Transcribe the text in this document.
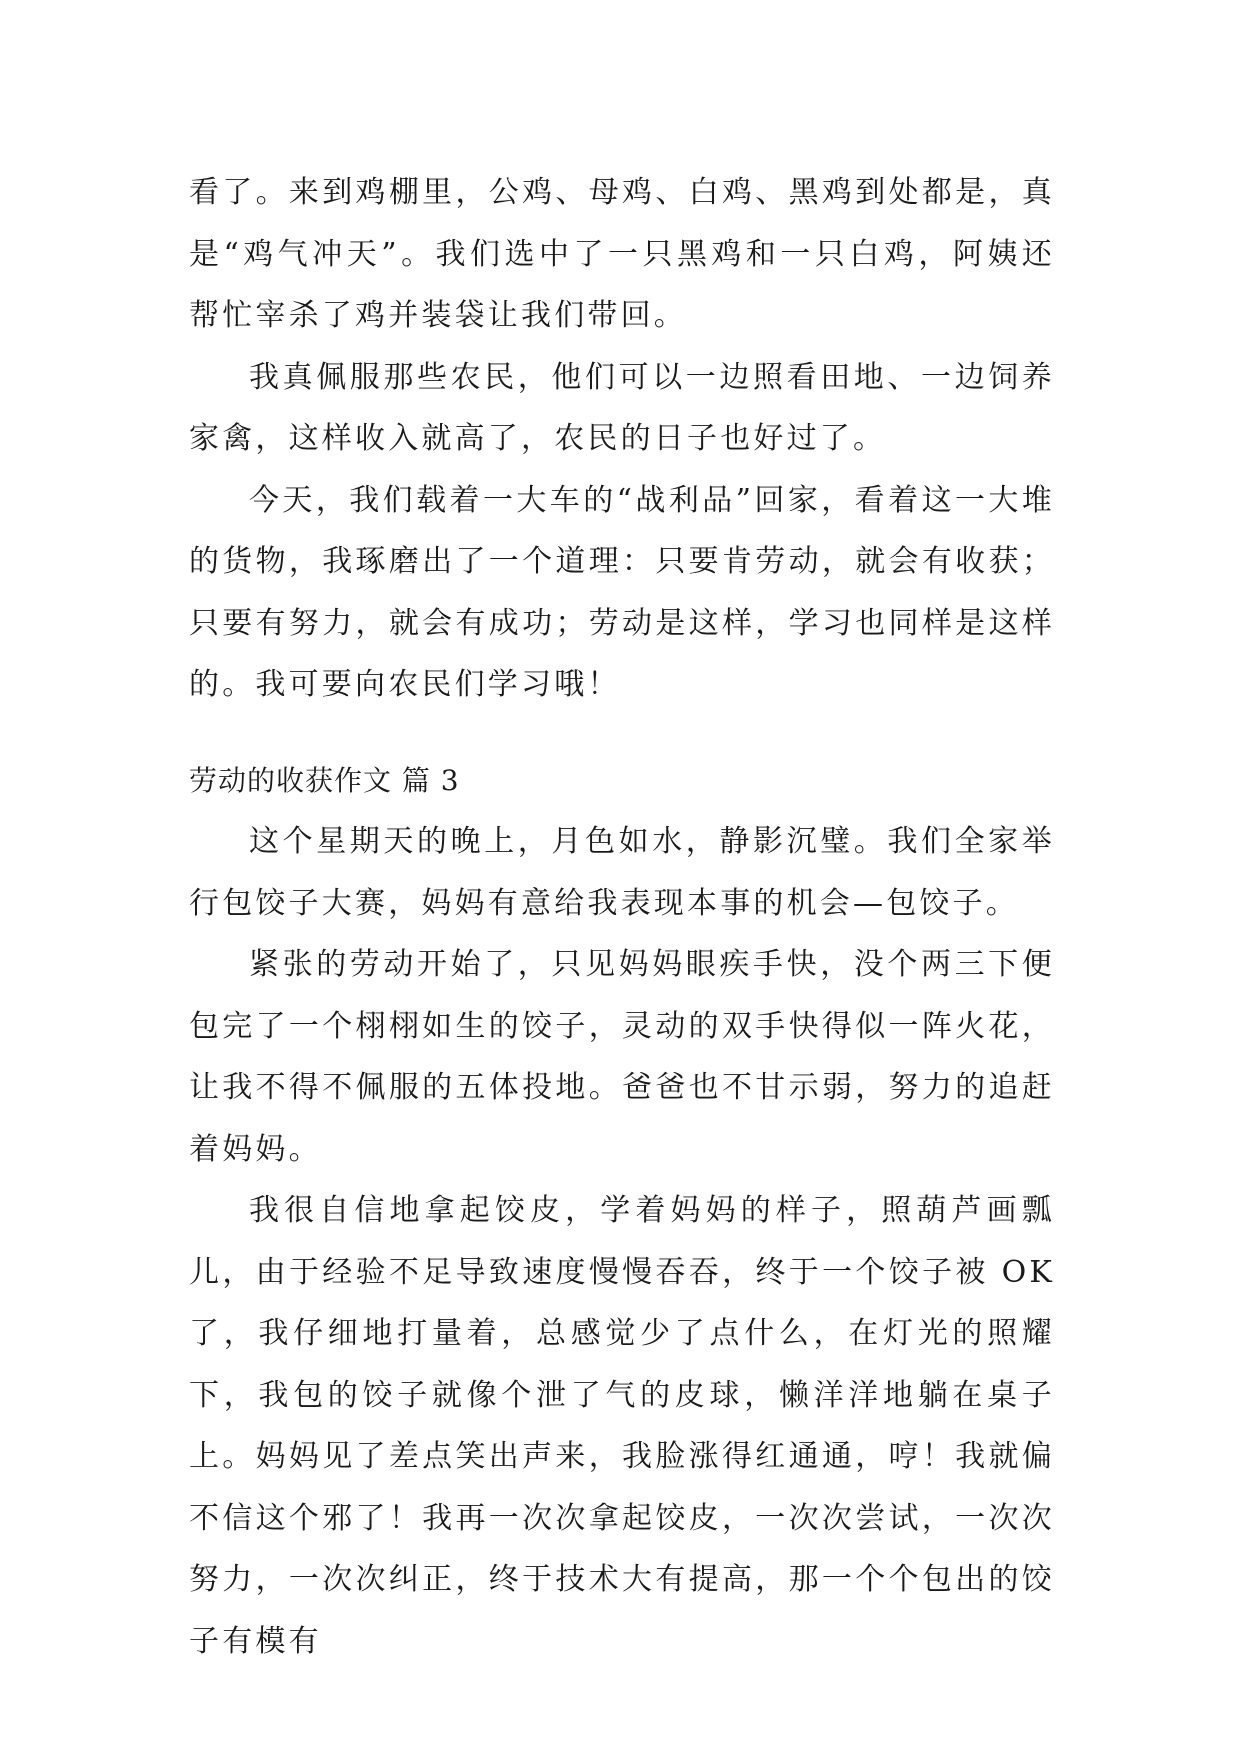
看了。来到鸡棚里，公鸡、母鸡、白鸡、黑鸡到处都是，真是“鸡气冲天”。我们选中了一只黑鸡和一只白鸡，阿姨还帮忙宰杀了鸡并装袋让我们带回。

我真佩服那些农民，他们可以一边照看田地、一边饲养家禽，这样收入就高了，农民的日子也好过了。

今天，我们载着一大车的“战利品”回家，看着这一大堆的货物，我琢磨出了一个道理：只要肯劳动，就会有收获；只要有努力，就会有成功；劳动是这样，学习也同样是这样的。我可要向农民们学习哦！

劳动的收获作文 篇 3

这个星期天的晚上，月色如水，静影沉璧。我们全家举行包饺子大赛，妈妈有意给我表现本事的机会—包饺子。

紧张的劳动开始了，只见妈妈眼疾手快，没个两三下便包完了一个栩栩如生的饺子，灵动的双手快得似一阵火花，让我不得不佩服的五体投地。爸爸也不甘示弱，努力的追赶着妈妈。

我很自信地拿起饺皮，学着妈妈的样子，照葫芦画瓢儿，由于经验不足导致速度慢慢吞吞，终于一个饺子被 OK 了，我仔细地打量着，总感觉少了点什么，在灯光的照耀下，我包的饺子就像个泄了气的皮球，懒洋洋地躺在桌子上。妈妈见了差点笑出声来，我脸涨得红通通，哼！我就偏不信这个邪了！我再一次次拿起饺皮，一次次尝试，一次次努力，一次次纠正，终于技术大有提高，那一个个包出的饺子有模有
